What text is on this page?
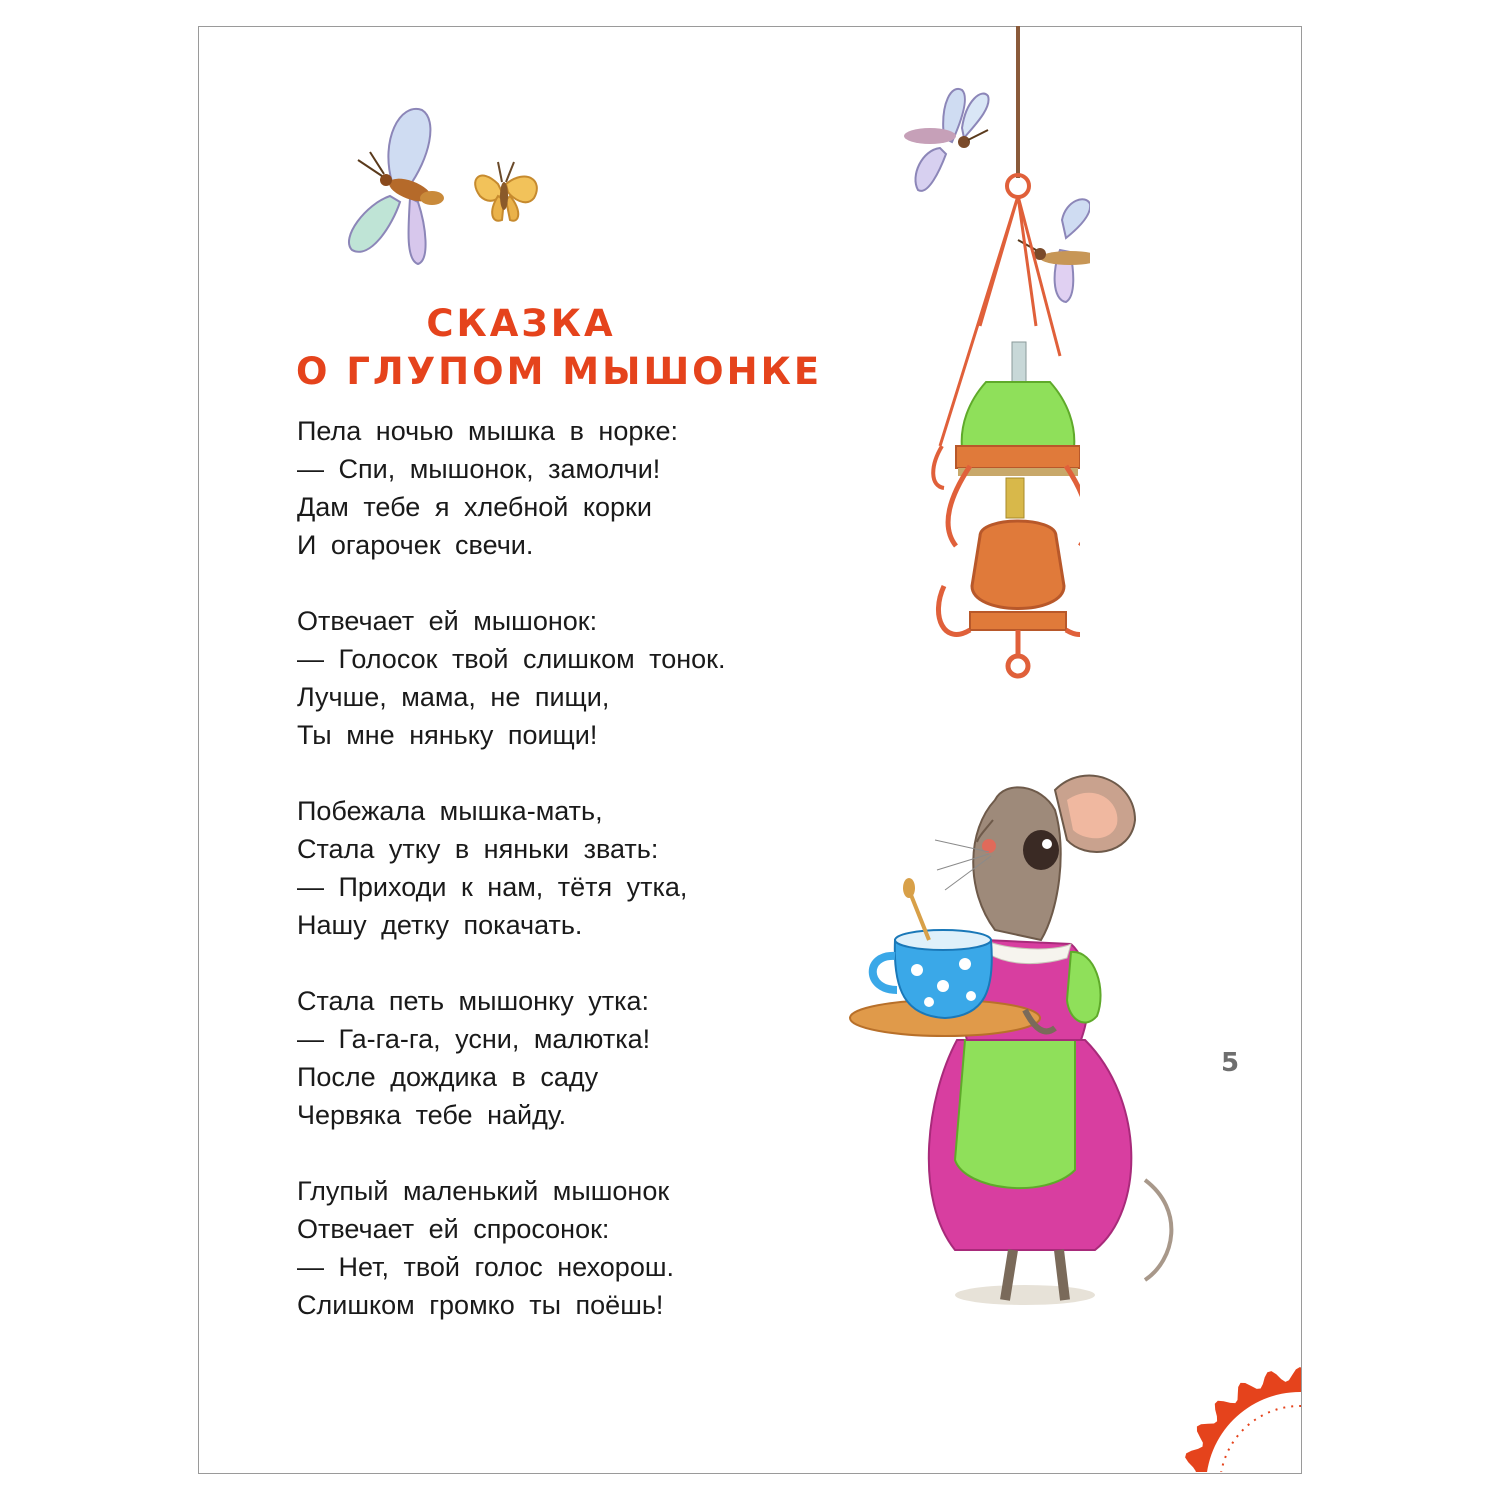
СКАЗКА
О ГЛУПОМ МЫШОНКЕ
Пела ночью мышка в норке:
— Спи, мышонок, замолчи!
Дам тебе я хлебной корки
И огарочек свечи.
Отвечает ей мышонок:
— Голосок твой слишком тонок.
Лучше, мама, не пищи,
Ты мне няньку поищи!
Побежала мышка-мать,
Стала утку в няньки звать:
— Приходи к нам, тётя утка,
Нашу детку покачать.
Стала петь мышонку утка:
— Га-га-га, усни, малютка!
После дождика в саду
Червяка тебе найду.
Глупый маленький мышонок
Отвечает ей спросонок:
— Нет, твой голос нехорош.
Слишком громко ты поёшь!
5
